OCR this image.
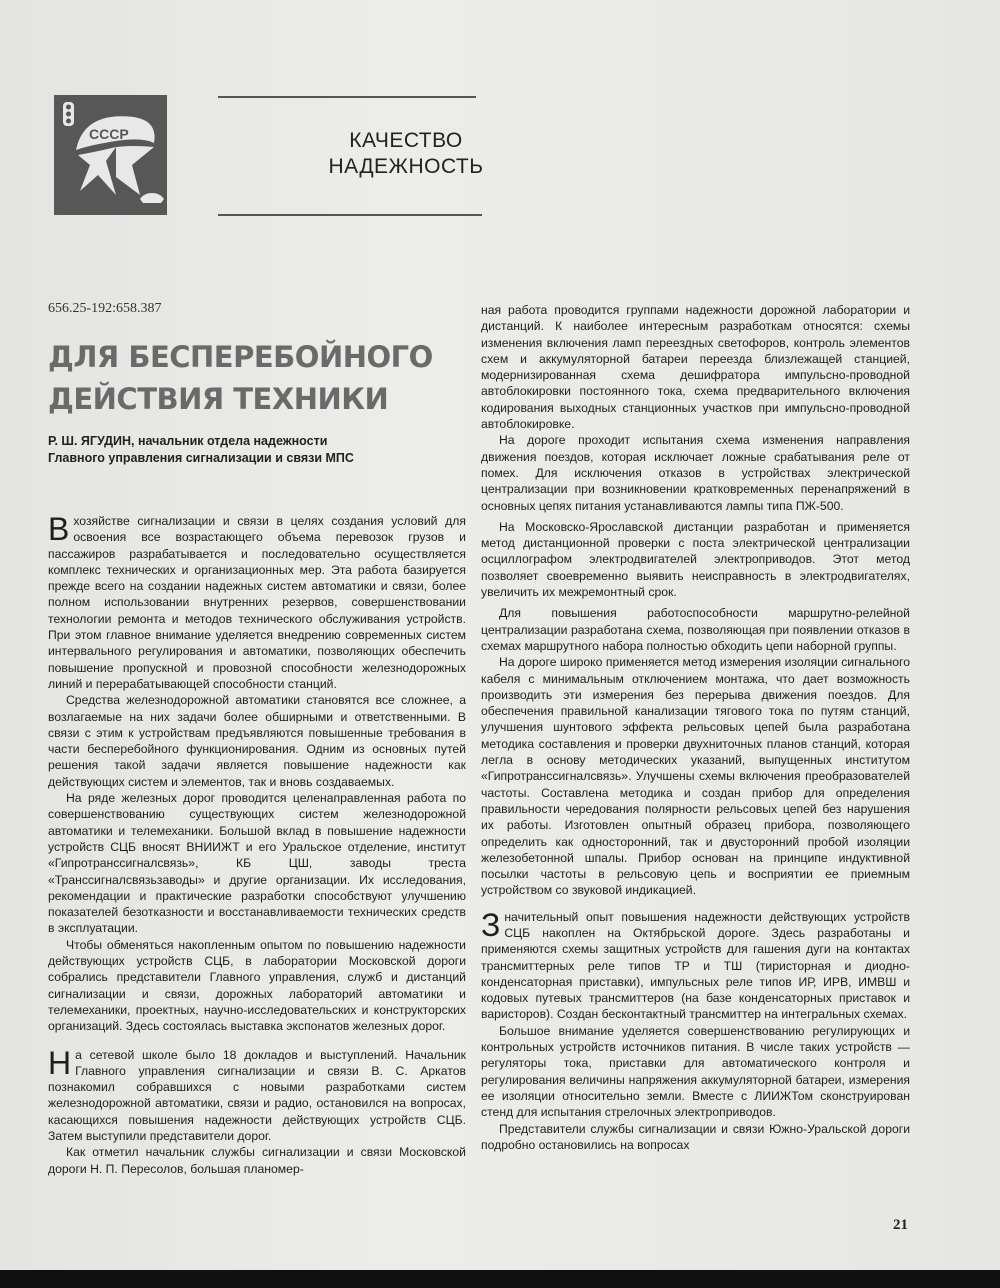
СССР	КАЧЕСТВО
НАДЕЖНОСТЬ
656.25-192:658.387
ДЛЯ БЕСПЕРЕБОЙНОГО ДЕЙСТВИЯ ТЕХНИКИ
Р. Ш. ЯГУДИН, начальник отдела надежности
Главного управления сигнализации и связи МПС

Вхозяйстве сигнализации и связи в целях создания условий для освоения все возрастающего объема перевозок грузов и пассажиров разрабатывается и последовательно осуществляется комплекс технических и организационных мер. Эта работа базируется прежде всего на создании надежных систем автоматики и связи, более полном использовании внутренних резервов, совершенствовании технологии ремонта и методов технического обслуживания устройств. При этом главное внимание уделяется внедрению современных систем интервального регулирования и автоматики, позволяющих обеспечить повышение пропускной и провозной способности железнодорожных линий и перерабатывающей способности станций.

Средства железнодорожной автоматики становятся все сложнее, а возлагаемые на них задачи более обширными и ответственными. В связи с этим к устройствам предъявляются повышенные требования в части бесперебойного функционирования. Одним из основных путей решения такой задачи является повышение надежности как действующих систем и элементов, так и вновь создаваемых.

На ряде железных дорог проводится целенаправленная работа по совершенствованию существующих систем железнодорожной автоматики и телемеханики. Большой вклад в повышение надежности устройств СЦБ вносят ВНИИЖТ и его Уральское отделение, институт «Гипротранссигналсвязь», КБ ЦШ, заводы треста «Транссигналсвязьзаводы» и другие организации. Их исследования, рекомендации и практические разработки способствуют улучшению показателей безотказности и восстанавливаемости технических средств в эксплуатации.

Чтобы обменяться накопленным опытом по повышению надежности действующих устройств СЦБ, в лаборатории Московской дороги собрались представители Главного управления, служб и дистанций сигнализации и связи, дорожных лабораторий автоматики и телемеханики, проектных, научно-исследовательских и конструкторских организаций. Здесь состоялась выставка экспонатов железных дорог.

На сетевой школе было 18 докладов и выступлений. Начальник Главного управления сигнализации и связи В. С. Аркатов познакомил собравшихся с новыми разработками систем железнодорожной автоматики, связи и радио, остановился на вопросах, касающихся повышения надежности действующих устройств СЦБ. Затем выступили представители дорог.

Как отметил начальник службы сигнализации и связи Московской дороги Н. П. Пересолов, большая планомер-

ная работа проводится группами надежности дорожной лаборатории и дистанций. К наиболее интересным разработкам относятся: схемы изменения включения ламп переездных светофоров, контроль элементов схем и аккумуляторной батареи переезда близлежащей станцией, модернизированная схема дешифратора импульсно-проводной автоблокировки постоянного тока, схема предварительного включения кодирования выходных станционных участков при импульсно-проводной автоблокировке.

На дороге проходит испытания схема изменения направления движения поездов, которая исключает ложные срабатывания реле от помех. Для исключения отказов в устройствах электрической централизации при возникновении кратковременных перенапряжений в основных цепях питания устанавливаются лампы типа ПЖ-500.

На Московско-Ярославской дистанции разработан и применяется метод дистанционной проверки с поста электрической централизации осциллографом электродвигателей электроприводов. Этот метод позволяет своевременно выявить неисправность в электродвигателях, увеличить их межремонтный срок.

Для повышения работоспособности маршрутно-релейной централизации разработана схема, позволяющая при появлении отказов в схемах маршрутного набора полностью обходить цепи наборной группы.

На дороге широко применяется метод измерения изоляции сигнального кабеля с минимальным отключением монтажа, что дает возможность производить эти измерения без перерыва движения поездов. Для обеспечения правильной канализации тягового тока по путям станций, улучшения шунтового эффекта рельсовых цепей была разработана методика составления и проверки двухниточных планов станций, которая легла в основу методических указаний, выпущенных институтом «Гипротранссигналсвязь». Улучшены схемы включения преобразователей частоты. Составлена методика и создан прибор для определения правильности чередования полярности рельсовых цепей без нарушения их работы. Изготовлен опытный образец прибора, позволяющего определить как односторонний, так и двусторонний пробой изоляции железобетонной шпалы. Прибор основан на принципе индуктивной посылки частоты в рельсовую цепь и восприятии ее приемным устройством со звуковой индикацией.

Значительный опыт повышения надежности действующих устройств СЦБ накоплен на Октябрьской дороге. Здесь разработаны и применяются схемы защитных устройств для гашения дуги на контактах трансмиттерных реле типов ТР и ТШ (тиристорная и диодно-конденсаторная приставки), импульсных реле типов ИР, ИРВ, ИМВШ и кодовых путевых трансмиттеров (на базе конденсаторных приставок и варисторов). Создан бесконтактный трансмиттер на интегральных схемах.

Большое внимание уделяется совершенствованию регулирующих и контрольных устройств источников питания. В числе таких устройств — регуляторы тока, приставки для автоматического контроля и регулирования величины напряжения аккумуляторной батареи, измерения ее изоляции относительно земли. Вместе с ЛИИЖТом сконструирован стенд для испытания стрелочных электроприводов.

Представители службы сигнализации и связи Южно-Уральской дороги подробно остановились на вопросах

21
